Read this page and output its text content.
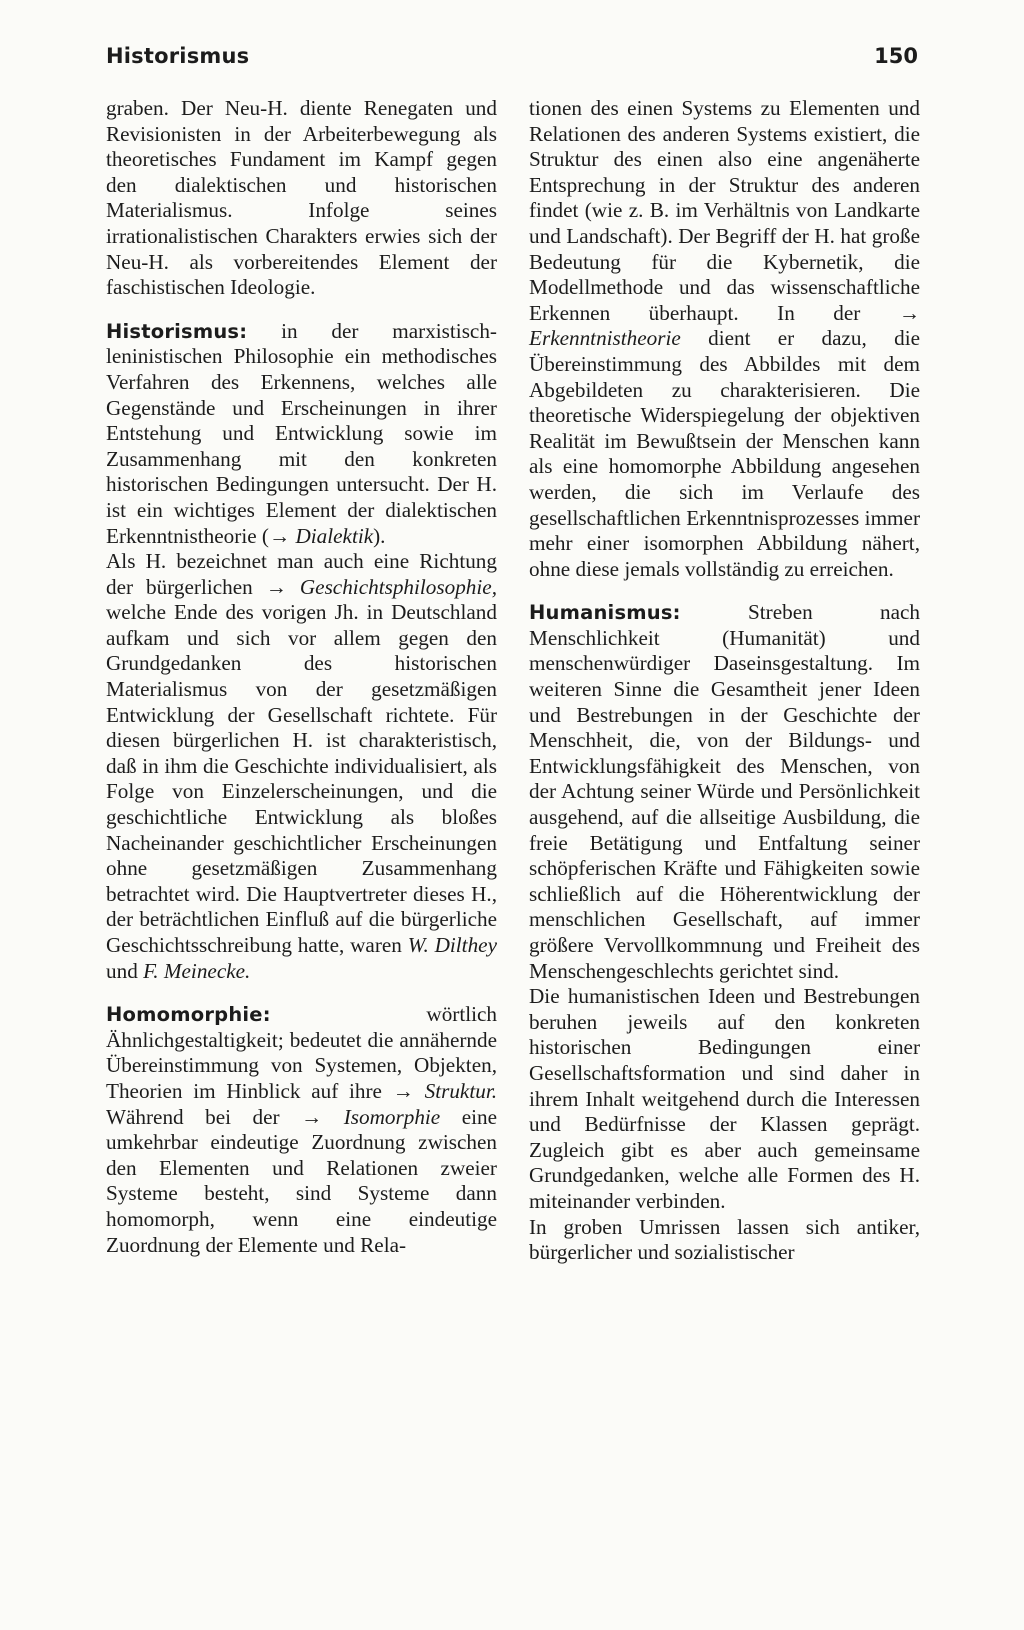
Historismus	150

graben. Der Neu-H. diente Renegaten und Revisionisten in der Arbeiterbewegung als theoretisches Fundament im Kampf gegen den dialektischen und historischen Materialismus. Infolge seines irrationalistischen Charakters erwies sich der Neu-H. als vorbereitendes Element der faschistischen Ideologie.

Historismus: in der marxistisch-leninistischen Philosophie ein methodisches Verfahren des Erkennens, welches alle Gegenstände und Erscheinungen in ihrer Entstehung und Entwicklung sowie im Zusammenhang mit den konkreten historischen Bedingungen untersucht. Der H. ist ein wichtiges Element der dialektischen Erkenntnistheorie (→ Dialektik).

Als H. bezeichnet man auch eine Richtung der bürgerlichen → Geschichtsphilosophie, welche Ende des vorigen Jh. in Deutschland aufkam und sich vor allem gegen den Grundgedanken des historischen Materialismus von der gesetzmäßigen Entwicklung der Gesellschaft richtete. Für diesen bürgerlichen H. ist charakteristisch, daß in ihm die Geschichte individualisiert, als Folge von Einzelerscheinungen, und die geschichtliche Entwicklung als bloßes Nacheinander geschichtlicher Erscheinungen ohne gesetzmäßigen Zusammenhang betrachtet wird. Die Hauptvertreter dieses H., der beträchtlichen Einfluß auf die bürgerliche Geschichtsschreibung hatte, waren W. Dilthey und F. Meinecke.

Homomorphie: wörtlich Ähnlichgestaltigkeit; bedeutet die annähernde Übereinstimmung von Systemen, Objekten, Theorien im Hinblick auf ihre → Struktur. Während bei der → Isomorphie eine umkehrbar eindeutige Zuordnung zwischen den Elementen und Relationen zweier Systeme besteht, sind Systeme dann homomorph, wenn eine eindeutige Zuordnung der Elemente und Rela-

tionen des einen Systems zu Elementen und Relationen des anderen Systems existiert, die Struktur des einen also eine angenäherte Entsprechung in der Struktur des anderen findet (wie z. B. im Verhältnis von Landkarte und Landschaft). Der Begriff der H. hat große Bedeutung für die Kybernetik, die Modellmethode und das wissenschaftliche Erkennen überhaupt. In der → Erkenntnistheorie dient er dazu, die Übereinstimmung des Abbildes mit dem Abgebildeten zu charakterisieren. Die theoretische Widerspiegelung der objektiven Realität im Bewußtsein der Menschen kann als eine homomorphe Abbildung angesehen werden, die sich im Verlaufe des gesellschaftlichen Erkenntnisprozesses immer mehr einer isomorphen Abbildung nähert, ohne diese jemals vollständig zu erreichen.

Humanismus: Streben nach Menschlichkeit (Humanität) und menschenwürdiger Daseinsgestaltung. Im weiteren Sinne die Gesamtheit jener Ideen und Bestrebungen in der Geschichte der Menschheit, die, von der Bildungs- und Entwicklungsfähigkeit des Menschen, von der Achtung seiner Würde und Persönlichkeit ausgehend, auf die allseitige Ausbildung, die freie Betätigung und Entfaltung seiner schöpferischen Kräfte und Fähigkeiten sowie schließlich auf die Höherentwicklung der menschlichen Gesellschaft, auf immer größere Vervollkommnung und Freiheit des Menschengeschlechts gerichtet sind.

Die humanistischen Ideen und Bestrebungen beruhen jeweils auf den konkreten historischen Bedingungen einer Gesellschaftsformation und sind daher in ihrem Inhalt weitgehend durch die Interessen und Bedürfnisse der Klassen geprägt. Zugleich gibt es aber auch gemeinsame Grundgedanken, welche alle Formen des H. miteinander verbinden.

In groben Umrissen lassen sich antiker, bürgerlicher und sozialistischer
